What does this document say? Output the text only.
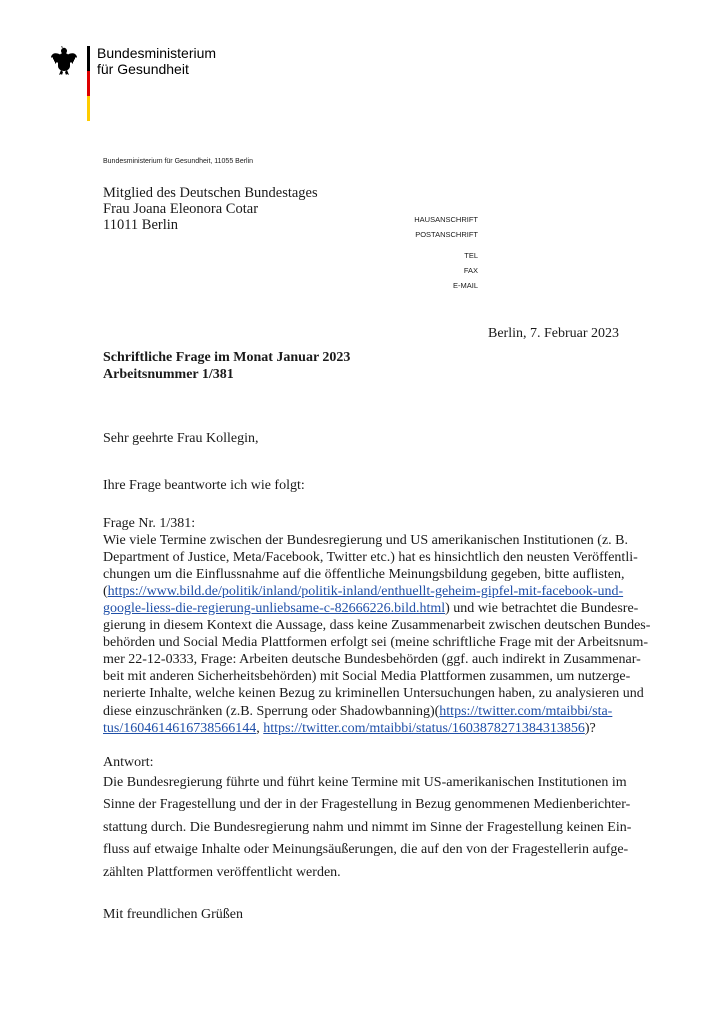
Bundesministerium
für Gesundheit
Bundesministerium für Gesundheit, 11055 Berlin
Mitglied des Deutschen Bundestages
Frau Joana Eleonora Cotar
11011 Berlin	HAUSANSCHRIFT
POSTANSCHRIFT
TEL
FAX
E-MAIL
Berlin, 7. Februar 2023
Schriftliche Frage im Monat Januar 2023
Arbeitsnummer 1/381
Sehr geehrte Frau Kollegin,
Ihre Frage beantworte ich wie folgt:
Frage Nr. 1/381:
Wie viele Termine zwischen der Bundesregierung und US amerikanischen Institutionen (z. B.
Department of Justice, Meta/Facebook, Twitter etc.) hat es hinsichtlich den neusten Veröffentli-
chungen um die Einflussnahme auf die öffentliche Meinungsbildung gegeben, bitte auflisten,
(https://www.bild.de/politik/inland/politik-inland/enthuellt-geheim-gipfel-mit-facebook-und-
google-liess-die-regierung-unliebsame-c-82666226.bild.html) und wie betrachtet die Bundesre-
gierung in diesem Kontext die Aussage, dass keine Zusammenarbeit zwischen deutschen Bundes-
behörden und Social Media Plattformen erfolgt sei (meine schriftliche Frage mit der Arbeitsnum-
mer 22-12-0333, Frage: Arbeiten deutsche Bundesbehörden (ggf. auch indirekt in Zusammenar-
beit mit anderen Sicherheitsbehörden) mit Social Media Plattformen zusammen, um nutzerge-
nerierte Inhalte, welche keinen Bezug zu kriminellen Untersuchungen haben, zu analysieren und
diese einzuschränken (z.B. Sperrung oder Shadowbanning)(https://twitter.com/mtaibbi/sta-
tus/1604614616738566144, https://twitter.com/mtaibbi/status/1603878271384313856)?
Antwort:
Die Bundesregierung führte und führt keine Termine mit US-amerikanischen Institutionen im
Sinne der Fragestellung und der in der Fragestellung in Bezug genommenen Medienberichter-
stattung durch. Die Bundesregierung nahm und nimmt im Sinne der Fragestellung keinen Ein-
fluss auf etwaige Inhalte oder Meinungsäußerungen, die auf den von der Fragestellerin aufge-
zählten Plattformen veröffentlicht werden.
Mit freundlichen Grüßen
